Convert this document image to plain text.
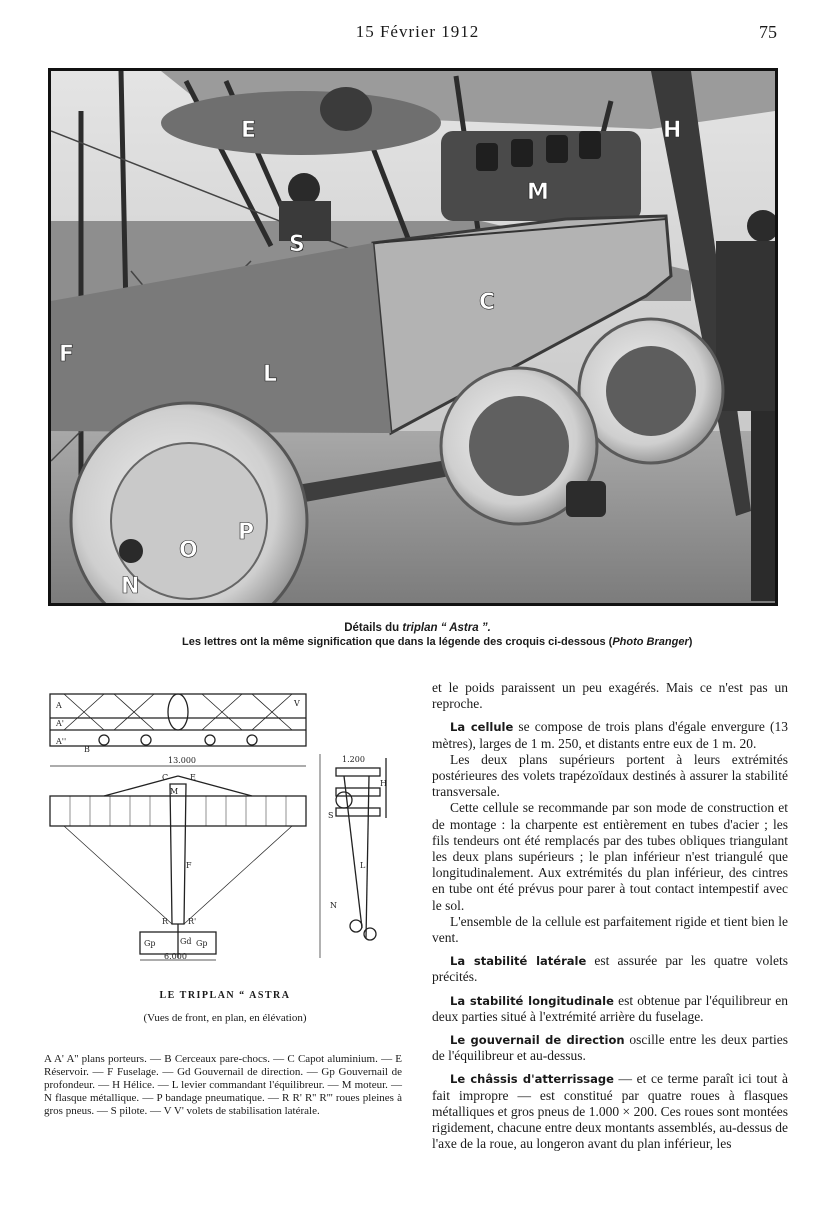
15 Février 1912	75
E	H
S
M
C
F
L
O
P
N
Détails du triplan “ Astra ”.
Les lettres ont la même signification que dans la légende des croquis ci-dessous (Photo Branger)
13.000	1.200
6.000
A
A'
A''
B
C	E
F
Gp	Gd Gp
H
L
M
N
R R'
S
V
LE TRIPLAN “ ASTRA
(Vues de front, en plan, en élévation)
A A' A'' plans porteurs. — B Cerceaux pare-chocs. — C Capot aluminium. — E Réservoir. — F Fuselage. — Gd Gouvernail de direction. — Gp Gouvernail de profondeur. — H Hélice. — L levier commandant l'équilibreur. — M moteur. — N flasque métallique. — P bandage pneumatique. — R R' R'' R''' roues pleines à gros pneus. — S pilote. — V V' volets de stabilisation latérale.

et le poids paraissent un peu exagérés. Mais ce n'est pas un reproche.

La cellule se compose de trois plans d'égale envergure (13 mètres), larges de 1 m. 250, et distants entre eux de 1 m. 20.

Les deux plans supérieurs portent à leurs extrémités postérieures des volets trapézoïdaux destinés à assurer la stabilité transversale.

Cette cellule se recommande par son mode de construction et de montage : la charpente est entièrement en tubes d'acier ; les fils tendeurs ont été remplacés par des tubes obliques triangulant les deux plans supérieurs ; le plan inférieur n'est triangulé que longitudinalement. Aux extrémités du plan inférieur, des cintres en tube ont été prévus pour parer à tout contact intempestif avec le sol.

L'ensemble de la cellule est parfaitement rigide et tient bien le vent.

La stabilité latérale est assurée par les quatre volets précités.

La stabilité longitudinale est obtenue par l'équilibreur en deux parties situé à l'extrémité arrière du fuselage.

Le gouvernail de direction oscille entre les deux parties de l'équilibreur et au-dessus.

Le châssis d'atterrissage — et ce terme paraît ici tout à fait impropre — est constitué par quatre roues à flasques métalliques et gros pneus de 1.000 × 200. Ces roues sont montées rigidement, chacune entre deux montants assemblés, au-dessus de l'axe de la roue, au longeron avant du plan inférieur, les
